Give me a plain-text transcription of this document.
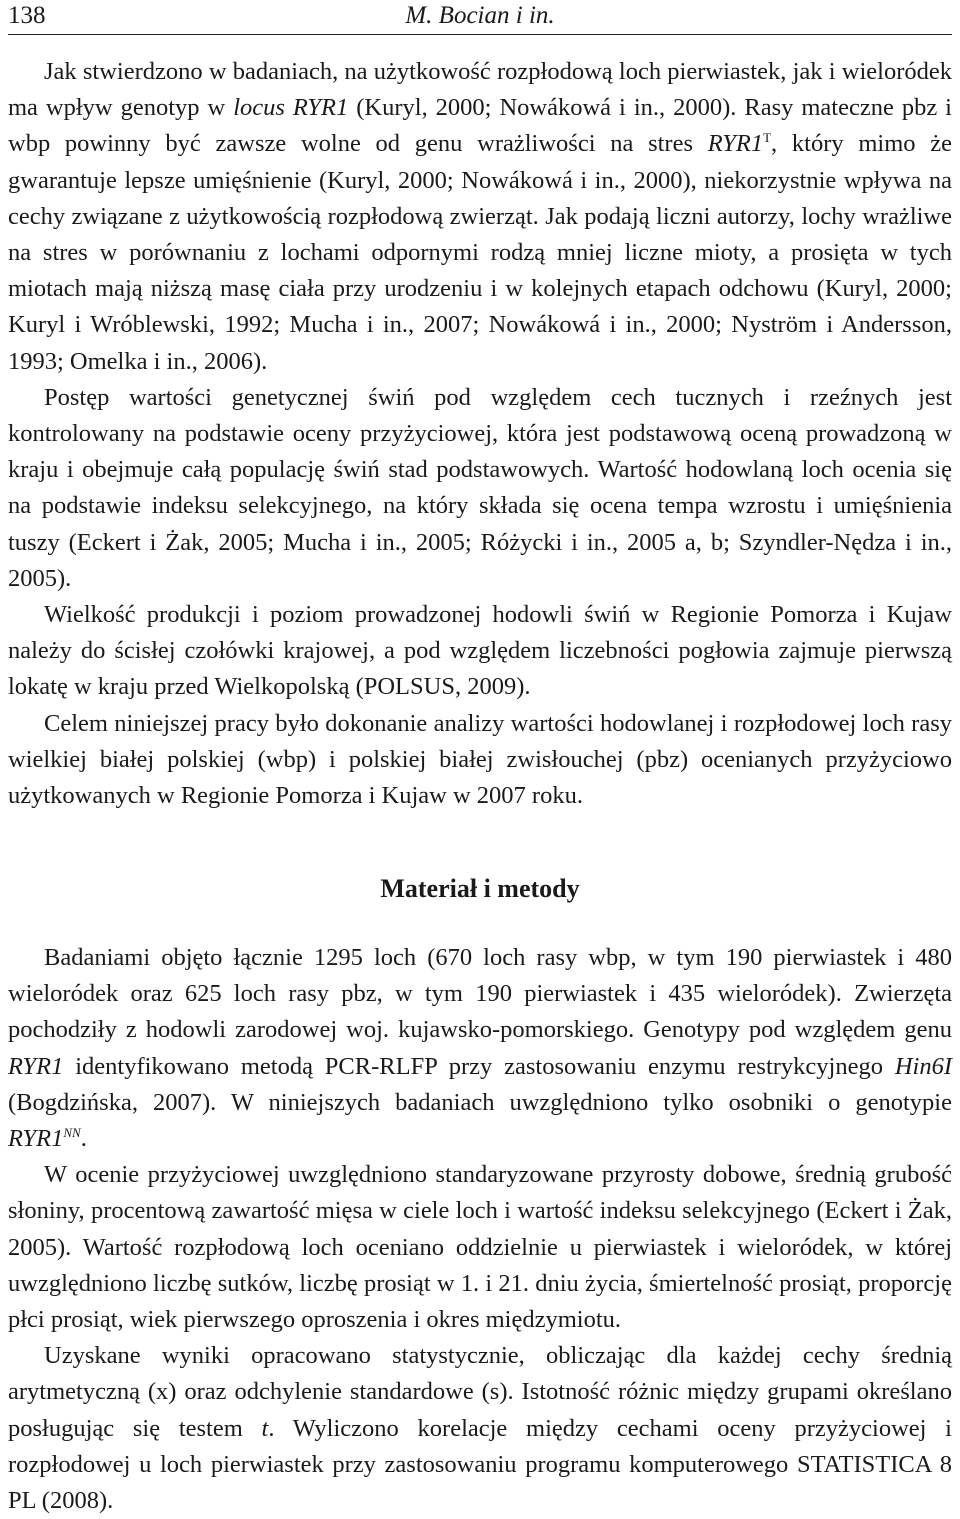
138	M. Bocian i in.

Jak stwierdzono w badaniach, na użytkowość rozpłodową loch pierwiastek, jak i wieloródek ma wpływ genotyp w locus RYR1 (Kuryl, 2000; Nowákowá i in., 2000). Rasy mateczne pbz i wbp powinny być zawsze wolne od genu wrażliwości na stres $RYR1^T$, który mimo że gwarantuje lepsze umięśnienie (Kuryl, 2000; Nowákowá i in., 2000), niekorzystnie wpływa na cechy związane z użytkowością rozpłodową zwierząt. Jak podają liczni autorzy, lochy wrażliwe na stres w porównaniu z lochami odpornymi rodzą mniej liczne mioty, a prosięta w tych miotach mają niższą masę ciała przy urodzeniu i w kolejnych etapach odchowu (Kuryl, 2000; Kuryl i Wróblewski, 1992; Mucha i in., 2007; Nowákowá i in., 2000; Nyström i Andersson, 1993; Omelka i in., 2006).

Postęp wartości genetycznej świń pod względem cech tucznych i rzeźnych jest kontrolowany na podstawie oceny przyżyciowej, która jest podstawową oceną prowadzoną w kraju i obejmuje całą populację świń stad podstawowych. Wartość hodowlaną loch ocenia się na podstawie indeksu selekcyjnego, na który składa się ocena tempa wzrostu i umięśnienia tuszy (Eckert i Żak, 2005; Mucha i in., 2005; Różycki i in., 2005 a, b; Szyndler-Nędza i in., 2005).

Wielkość produkcji i poziom prowadzonej hodowli świń w Regionie Pomorza i Kujaw należy do ścisłej czołówki krajowej, a pod względem liczebności pogłowia zajmuje pierwszą lokatę w kraju przed Wielkopolską (POLSUS, 2009).

Celem niniejszej pracy było dokonanie analizy wartości hodowlanej i rozpłodowej loch rasy wielkiej białej polskiej (wbp) i polskiej białej zwisłouchej (pbz) ocenianych przyżyciowo użytkowanych w Regionie Pomorza i Kujaw w 2007 roku.

Materiał i metody

Badaniami objęto łącznie 1295 loch (670 loch rasy wbp, w tym 190 pierwiastek i 480 wieloródek oraz 625 loch rasy pbz, w tym 190 pierwiastek i 435 wieloródek). Zwierzęta pochodziły z hodowli zarodowej woj. kujawsko-pomorskiego. Genotypy pod względem genu RYR1 identyfikowano metodą PCR-RLFP przy zastosowaniu enzymu restrykcyjnego Hin6I (Bogdzińska, 2007). W niniejszych badaniach uwzględniono tylko osobniki o genotypie $RYR1^{NN}$.

W ocenie przyżyciowej uwzględniono standaryzowane przyrosty dobowe, średnią grubość słoniny, procentową zawartość mięsa w ciele loch i wartość indeksu selekcyjnego (Eckert i Żak, 2005). Wartość rozpłodową loch oceniano oddzielnie u pierwiastek i wieloródek, w której uwzględniono liczbę sutków, liczbę prosiąt w 1. i 21. dniu życia, śmiertelność prosiąt, proporcję płci prosiąt, wiek pierwszego oproszenia i okres międzymiotu.

Uzyskane wyniki opracowano statystycznie, obliczając dla każdej cechy średnią arytmetyczną (x) oraz odchylenie standardowe (s). Istotność różnic między grupami określano posługując się testem t. Wyliczono korelacje między cechami oceny przyżyciowej i rozpłodowej u loch pierwiastek przy zastosowaniu programu komputerowego STATISTICA 8 PL (2008).
